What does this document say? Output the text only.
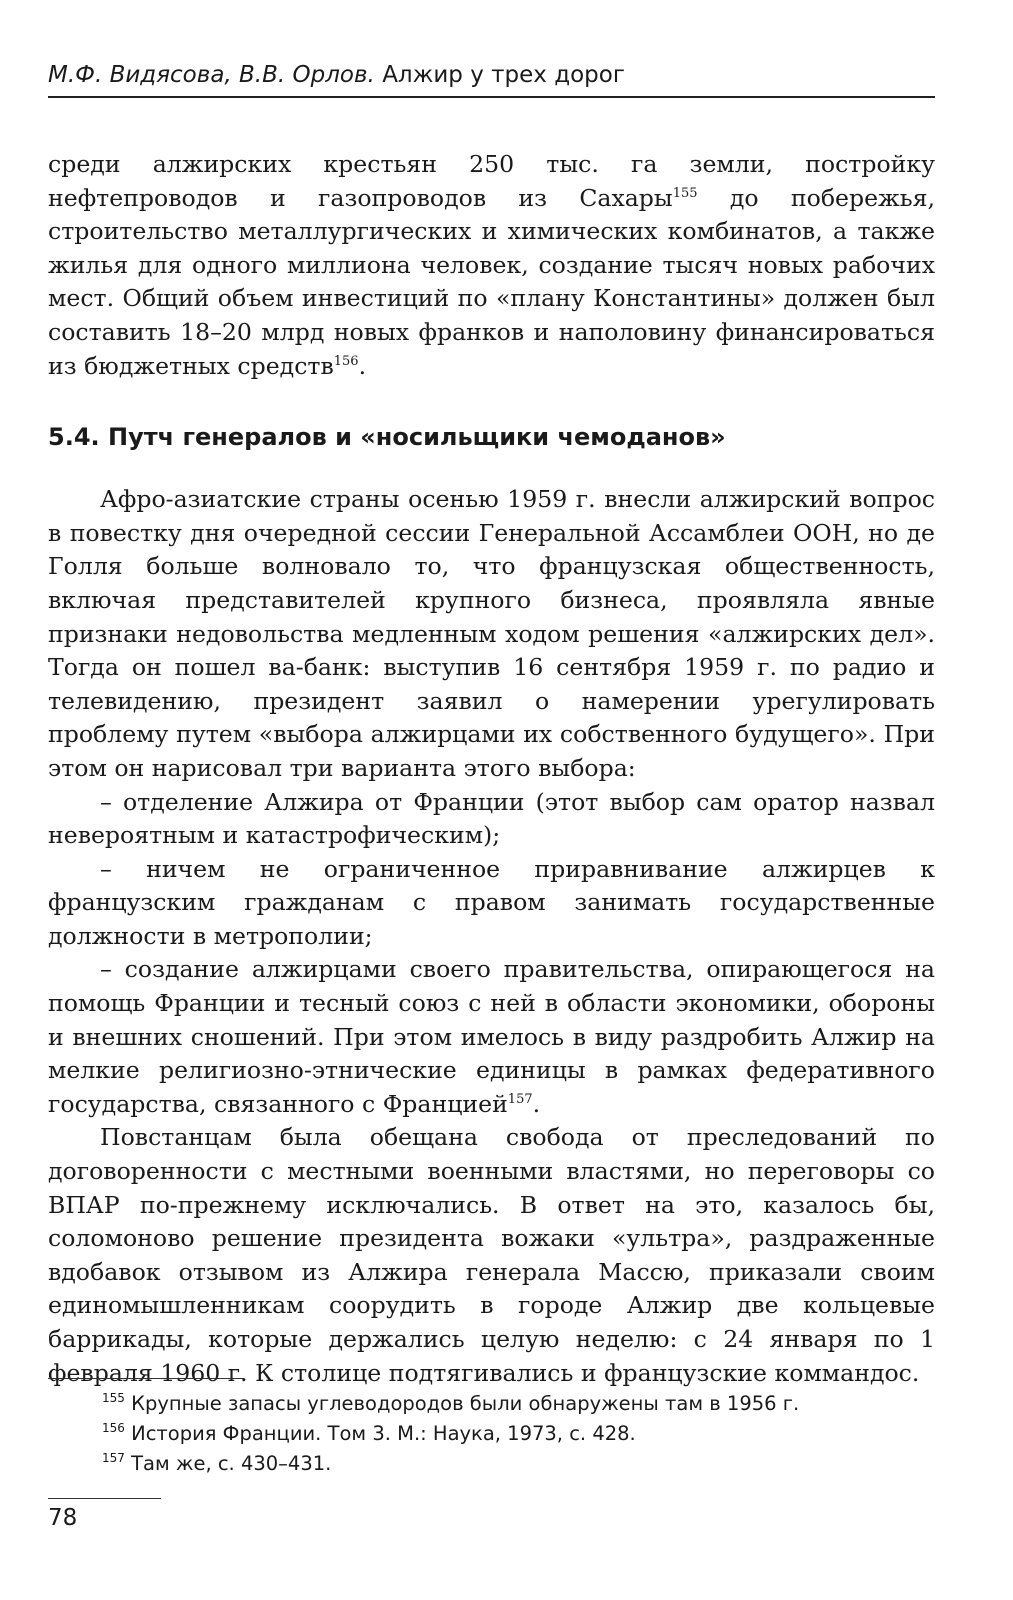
М.Ф. Видясова, В.В. Орлов. Алжир у трех дорог

среди алжирских крестьян 250 тыс. га земли, постройку нефтепроводов и газопроводов из Сахары$^{155}$ до побережья, строительство металлургических и химических комбинатов, а также жилья для одного миллиона человек, создание тысяч новых рабочих мест. Общий объем инвестиций по «плану Константины» должен был составить 18–20 млрд новых франков и наполовину финансироваться из бюджетных средств$^{156}$.

5.4. Путч генералов и «носильщики чемоданов»

Афро-азиатские страны осенью 1959 г. внесли алжирский вопрос в повестку дня очередной сессии Генеральной Ассамблеи ООН, но де Голля больше волновало то, что французская общественность, включая представителей крупного бизнеса, проявляла явные признаки недовольства медленным ходом решения «алжирских дел». Тогда он пошел ва-банк: выступив 16 сентября 1959 г. по радио и телевидению, президент заявил о намерении урегулировать проблему путем «выбора алжирцами их собственного будущего». При этом он нарисовал три варианта этого выбора:

– отделение Алжира от Франции (этот выбор сам оратор назвал невероятным и катастрофическим);

– ничем не ограниченное приравнивание алжирцев к французским гражданам с правом занимать государственные должности в метрополии;

– создание алжирцами своего правительства, опирающегося на помощь Франции и тесный союз с ней в области экономики, обороны и внешних сношений. При этом имелось в виду раздробить Алжир на мелкие религиозно-этнические единицы в рамках федеративного государства, связанного с Францией$^{157}$.

Повстанцам была обещана свобода от преследований по договоренности с местными военными властями, но переговоры со ВПАР по-прежнему исключались. В ответ на это, казалось бы, соломоново решение президента вожаки «ультра», раздраженные вдобавок отзывом из Алжира генерала Массю, приказали своим единомышленникам соорудить в городе Алжир две кольцевые баррикады, которые держались целую неделю: с 24 января по 1 февраля 1960 г. К столице подтягивались и французские коммандос.

$^{155}$ Крупные запасы углеводородов были обнаружены там в 1956 г.

$^{156}$ История Франции. Том 3. М.: Наука, 1973, с. 428.

$^{157}$ Там же, с. 430–431.

78
